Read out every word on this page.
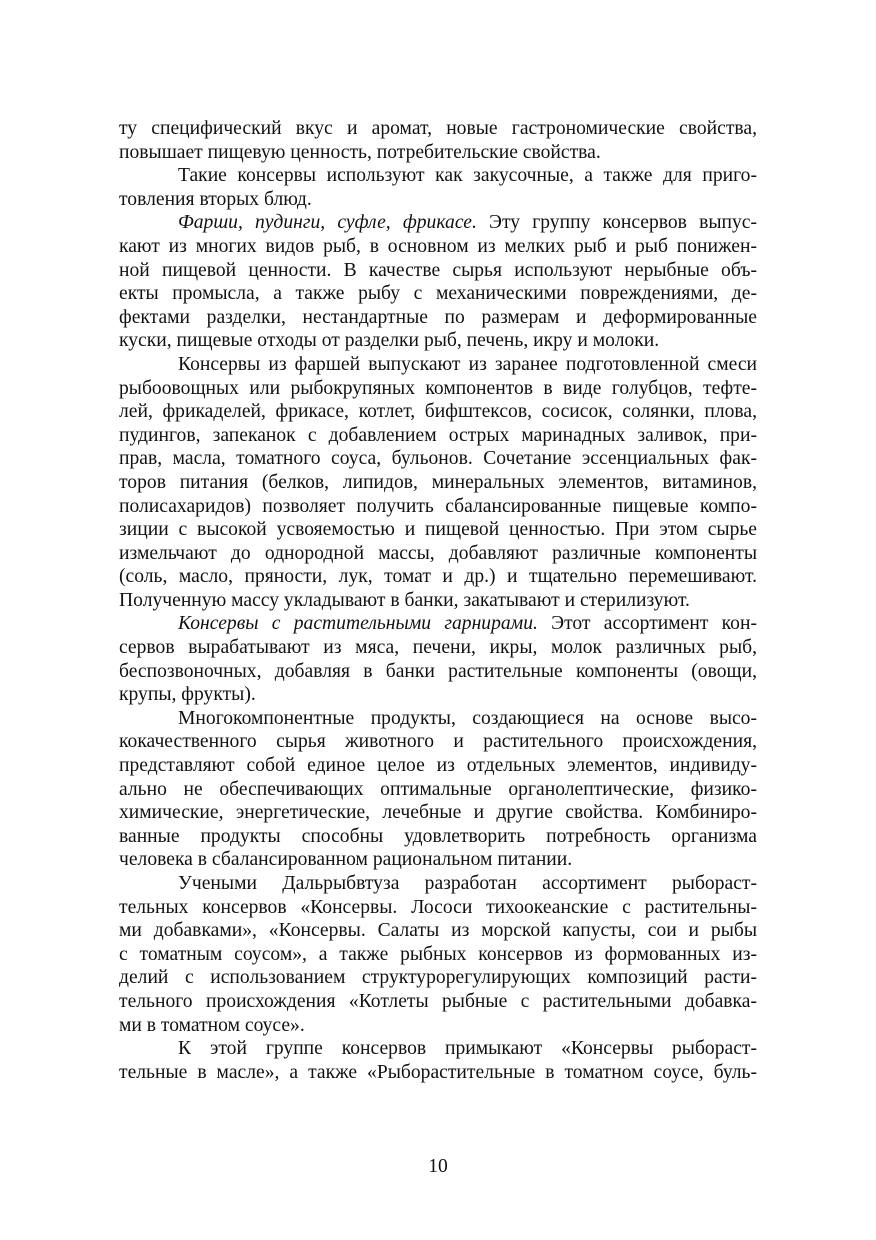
ту специфический вкус и аромат, новые гастрономические свойства,
повышает пищевую ценность, потребительские свойства.
Такие консервы используют как закусочные, а также для приго-
товления вторых блюд.
Фарши, пудинги, суфле, фрикасе. Эту группу консервов выпус-
кают из многих видов рыб, в основном из мелких рыб и рыб понижен-
ной пищевой ценности. В качестве сырья используют нерыбные объ-
екты промысла, а также рыбу с механическими повреждениями, де-
фектами разделки, нестандартные по размерам и деформированные
куски, пищевые отходы от разделки рыб, печень, икру и молоки.
Консервы из фаршей выпускают из заранее подготовленной смеси
рыбоовощных или рыбокрупяных компонентов в виде голубцов, тефте-
лей, фрикаделей, фрикасе, котлет, бифштексов, сосисок, солянки, плова,
пудингов, запеканок с добавлением острых маринадных заливок, при-
прав, масла, томатного соуса, бульонов. Сочетание эссенциальных фак-
торов питания (белков, липидов, минеральных элементов, витаминов,
полисахаридов) позволяет получить сбалансированные пищевые компо-
зиции с высокой усвояемостью и пищевой ценностью. При этом сырье
измельчают до однородной массы, добавляют различные компоненты
(соль, масло, пряности, лук, томат и др.) и тщательно перемешивают.
Полученную массу укладывают в банки, закатывают и стерилизуют.
Консервы с растительными гарнирами. Этот ассортимент кон-
сервов вырабатывают из мяса, печени, икры, молок различных рыб,
беспозвоночных, добавляя в банки растительные компоненты (овощи,
крупы, фрукты).
Многокомпонентные продукты, создающиеся на основе высо-
кокачественного сырья животного и растительного происхождения,
представляют собой единое целое из отдельных элементов, индивиду-
ально не обеспечивающих оптимальные органолептические, физико-
химические, энергетические, лечебные и другие свойства. Комбиниро-
ванные продукты способны удовлетворить потребность организма
человека в сбалансированном рациональном питании.
Учеными Дальрыбвтуза разработан ассортимент рыбораст-
тельных консервов «Консервы. Лососи тихоокеанские с растительны-
ми добавками», «Консервы. Салаты из морской капусты, сои и рыбы
с томатным соусом», а также рыбных консервов из формованных из-
делий с использованием структурорегулирующих композиций расти-
тельного происхождения «Котлеты рыбные с растительными добавка-
ми в томатном соусе».
К этой группе консервов примыкают «Консервы рыбораст-
тельные в масле», а также «Рыборастительные в томатном соусе, буль-
10
